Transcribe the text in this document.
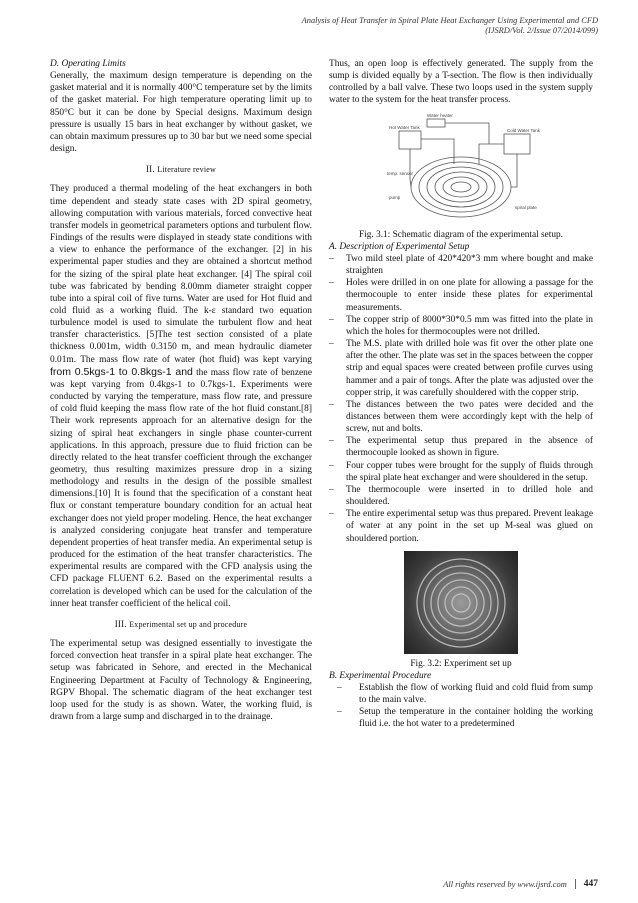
Analysis of Heat Transfer in Spiral Plate Heat Exchanger Using Experimental and CFD
(IJSRD/Vol. 2/Issue 07/2014/099)

D. Operating Limits

Generally, the maximum design temperature is depending on the gasket material and it is normally 400°C temperature set by the limits of the gasket material. For high temperature operating limit up to 850°C but it can be done by Special designs. Maximum design pressure is usually 15 bars in heat exchanger by without gasket, we can obtain maximum pressures up to 30 bar but we need some special design.

II. Literature review

They produced a thermal modeling of the heat exchangers in both time dependent and steady state cases with 2D spiral geometry, allowing computation with various materials, forced convective heat transfer models in geometrical parameters options and turbulent flow. Findings of the results were displayed in steady state conditions with a view to enhance the performance of the exchanger. [2] in his experimental paper studies and they are obtained a shortcut method for the sizing of the spiral plate heat exchanger. [4] The spiral coil tube was fabricated by bending 8.00mm diameter straight copper tube into a spiral coil of five turns. Water are used for Hot fluid and cold fluid as a working fluid. The k-ε standard two equation turbulence model is used to simulate the turbulent flow and heat transfer characteristics. [5]The test section consisted of a plate thickness 0.001m, width 0.3150 m, and mean hydraulic diameter 0.01m. The mass flow rate of water (hot fluid) was kept varying from 0.5kgs-1 to 0.8kgs-1 and the mass flow rate of benzene was kept varying from 0.4kgs-1 to 0.7kgs-1. Experiments were conducted by varying the temperature, mass flow rate, and pressure of cold fluid keeping the mass flow rate of the hot fluid constant.[8] Their work represents approach for an alternative design for the sizing of spiral heat exchangers in single phase counter-current applications. In this approach, pressure due to fluid friction can be directly related to the heat transfer coefficient through the exchanger geometry, thus resulting maximizes pressure drop in a sizing methodology and results in the design of the possible smallest dimensions.[10] It is found that the specification of a constant heat flux or constant temperature boundary condition for an actual heat exchanger does not yield proper modeling. Hence, the heat exchanger is analyzed considering conjugate heat transfer and temperature dependent properties of heat transfer media. An experimental setup is produced for the estimation of the heat transfer characteristics. The experimental results are compared with the CFD analysis using the CFD package FLUENT 6.2. Based on the experimental results a correlation is developed which can be used for the calculation of the inner heat transfer coefficient of the helical coil.

III. Experimental set up and procedure

The experimental setup was designed essentially to investigate the forced convection heat transfer in a spiral plate heat exchanger. The setup was fabricated in Sehore, and erected in the Mechanical Engineering Department at Faculty of Technology & Engineering, RGPV Bhopal. The schematic diagram of the heat exchanger test loop used for the study is as shown. Water, the working fluid, is drawn from a large sump and discharged in to the drainage.

Thus, an open loop is effectively generated. The supply from the sump is divided equally by a T-section. The flow is then individually controlled by a ball valve. These two loops used in the system supply water to the system for the heat transfer process.

Water heater
Hot Water Tank
Cold Water Tank
temp. sensor
pump
spiral plate

Fig. 3.1: Schematic diagram of the experimental setup.

A. Description of Experimental Setup

– Two mild steel plate of 420*420*3 mm where bought and make straighten
– Holes were drilled in on one plate for allowing a passage for the thermocouple to enter inside these plates for experimental measurements.
– The copper strip of 8000*30*0.5 mm was fitted into the plate in which the holes for thermocouples were not drilled.
– The M.S. plate with drilled hole was fit over the other plate one after the other. The plate was set in the spaces between the copper strip and equal spaces were created between profile curves using hammer and a pair of tongs. After the plate was adjusted over the copper strip, it was carefully shouldered with the copper strip.
– The distances between the two pates were decided and the distances between them were accordingly kept with the help of screw, nut and bolts.
– The experimental setup thus prepared in the absence of thermocouple looked as shown in figure.
– Four copper tubes were brought for the supply of fluids through the spiral plate heat exchanger and were shouldered in the setup.
– The thermocouple were inserted in to drilled hole and shouldered.
– The entire experimental setup was thus prepared. Prevent leakage of water at any point in the set up M-seal was glued on shouldered portion.

Fig. 3.2: Experiment set up

B. Experimental Procedure

– Establish the flow of working fluid and cold fluid from sump to the main valve.
– Setup the temperature in the container holding the working fluid i.e. the hot water to a predetermined
All rights reserved by www.ijsrd.com	447
